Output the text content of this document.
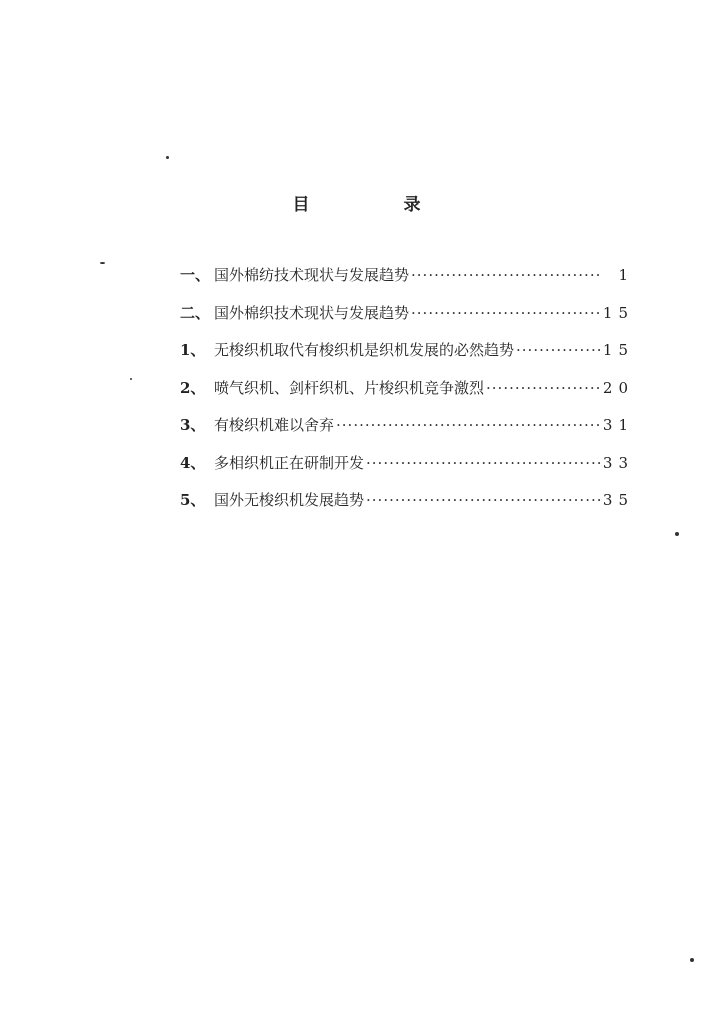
目 录
一、 国外棉纺技术现状与发展趋势 ·····	1
二、 国外棉织技术现状与发展趋势 ·····	15
1、 无梭织机取代有梭织机是织机发展的必然趋势 ·····	15
2、 喷气织机、剑杆织机、片梭织机竞争激烈 ·····	20
3、 有梭织机难以舍弃 ·····	31
4、 多相织机正在研制开发 ·····	33
5、 国外无梭织机发展趋势 ·····	35
